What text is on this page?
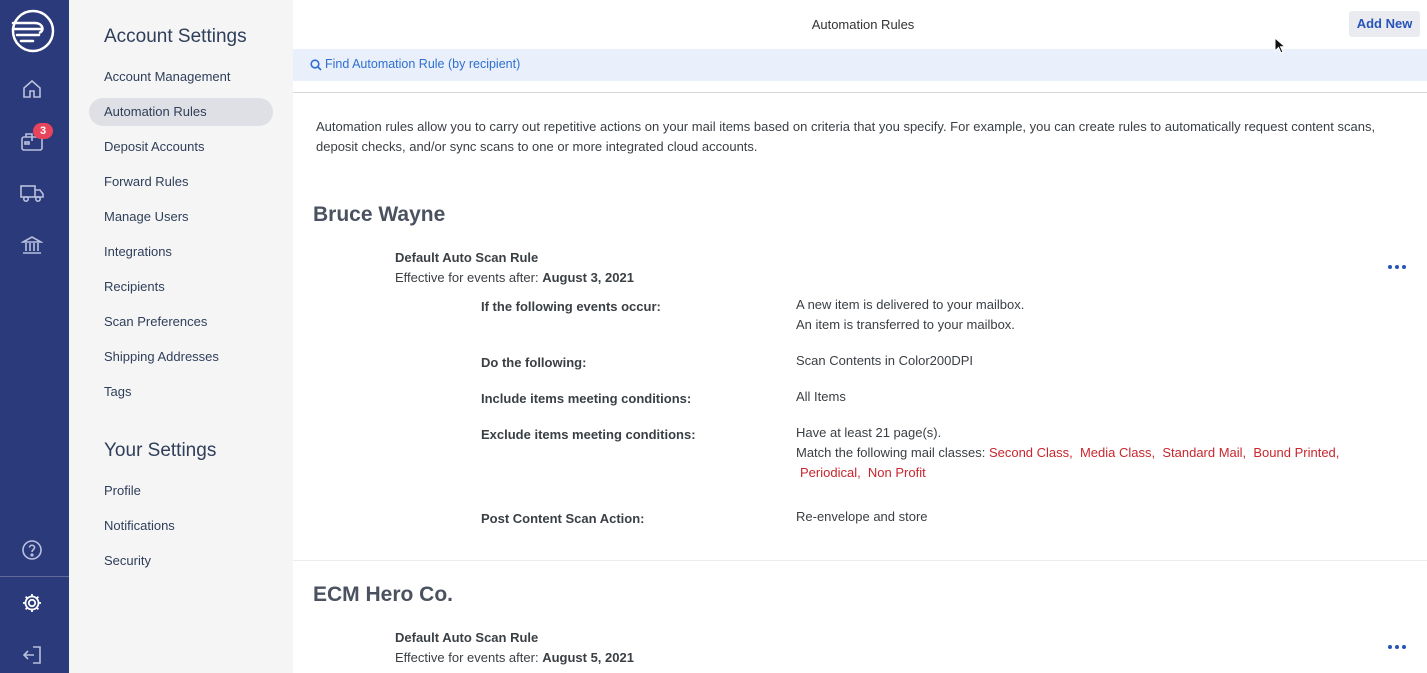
3
Account Settings
Account Management
Automation Rules
Deposit Accounts
Forward Rules
Manage Users
Integrations
Recipients
Scan Preferences
Shipping Addresses
Tags
Your Settings
Profile
Notifications
Security
Automation Rules	Add New
Find Automation Rule (by recipient)
Automation rules allow you to carry out repetitive actions on your mail items based on criteria that you specify. For example, you can create rules to automatically request content scans, deposit checks, and/or sync scans to one or more integrated cloud accounts.
Bruce Wayne
Default Auto Scan Rule
Effective for events after: August 3, 2021
If the following events occur:	A new item is delivered to your mailbox.
An item is transferred to your mailbox.
Do the following:	Scan Contents in Color200DPI
Include items meeting conditions:	All Items
Exclude items meeting conditions:	Have at least 21 page(s).
Match the following mail classes: Second Class,  Media Class,  Standard Mail,  Bound Printed,
Periodical,  Non Profit
Post Content Scan Action:	Re-envelope and store
ECM Hero Co.
Default Auto Scan Rule
Effective for events after: August 5, 2021
